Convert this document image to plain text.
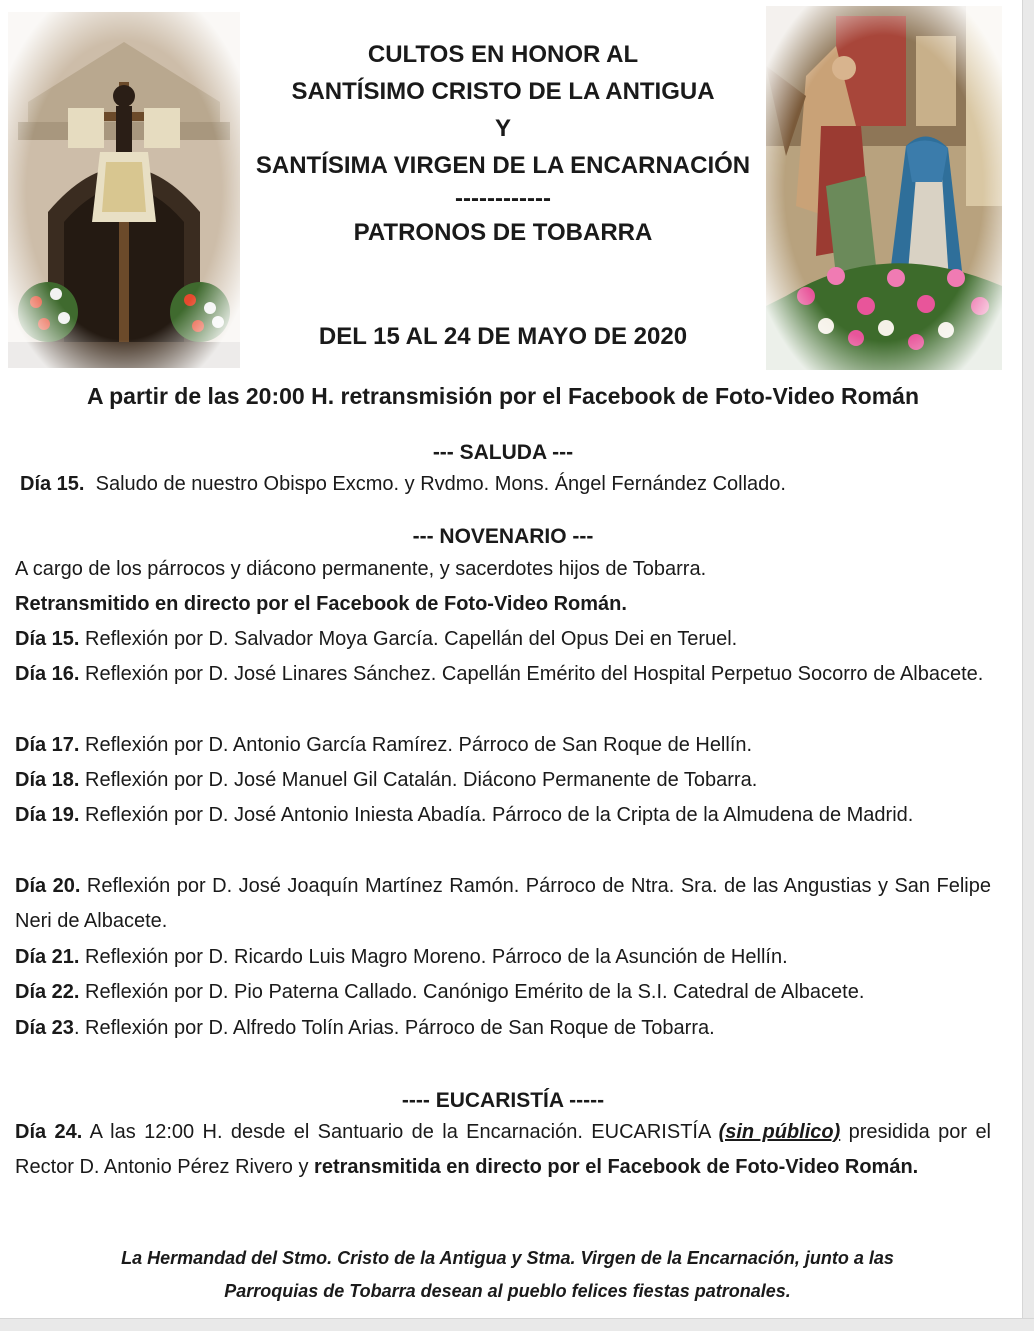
CULTOS EN HONOR AL
SANTÍSIMO CRISTO DE LA ANTIGUA
Y
SANTÍSIMA VIRGEN DE LA ENCARNACIÓN
------------
PATRONOS DE TOBARRA
DEL 15 AL 24 DE MAYO DE 2020
A partir de las 20:00 H. retransmisión por el Facebook de Foto-Video Román
--- SALUDA ---
Día 15. Saludo de nuestro Obispo Excmo. y Rvdmo. Mons. Ángel Fernández Collado.
--- NOVENARIO ---
A cargo de los párrocos y diácono permanente, y sacerdotes hijos de Tobarra.
Retransmitido en directo por el Facebook de Foto-Video Román.
Día 15. Reflexión por D. Salvador Moya García. Capellán del Opus Dei en Teruel.
Día 16. Reflexión por D. José Linares Sánchez. Capellán Emérito del Hospital Perpetuo Socorro de Albacete.
Día 17. Reflexión por D. Antonio García Ramírez. Párroco de San Roque de Hellín.
Día 18. Reflexión por D. José Manuel Gil Catalán. Diácono Permanente de Tobarra.
Día 19. Reflexión por D. José Antonio Iniesta Abadía. Párroco de la Cripta de la Almudena de Madrid.
Día 20. Reflexión por D. José Joaquín Martínez Ramón. Párroco de Ntra. Sra. de las Angustias y San Felipe Neri de Albacete.
Día 21. Reflexión por D. Ricardo Luis Magro Moreno. Párroco de la Asunción de Hellín.
Día 22. Reflexión por D. Pio Paterna Callado. Canónigo Emérito de la S.I. Catedral de Albacete.
Día 23. Reflexión por D. Alfredo Tolín Arias. Párroco de San Roque de Tobarra.
---- EUCARISTÍA -----
Día 24. A las 12:00 H. desde el Santuario de la Encarnación. EUCARISTÍA (sin público) presidida por el Rector D. Antonio Pérez Rivero y retransmitida en directo por el Facebook de Foto-Video Román.
La Hermandad del Stmo. Cristo de la Antigua y Stma. Virgen de la Encarnación, junto a las
Parroquias de Tobarra desean al pueblo felices fiestas patronales.
